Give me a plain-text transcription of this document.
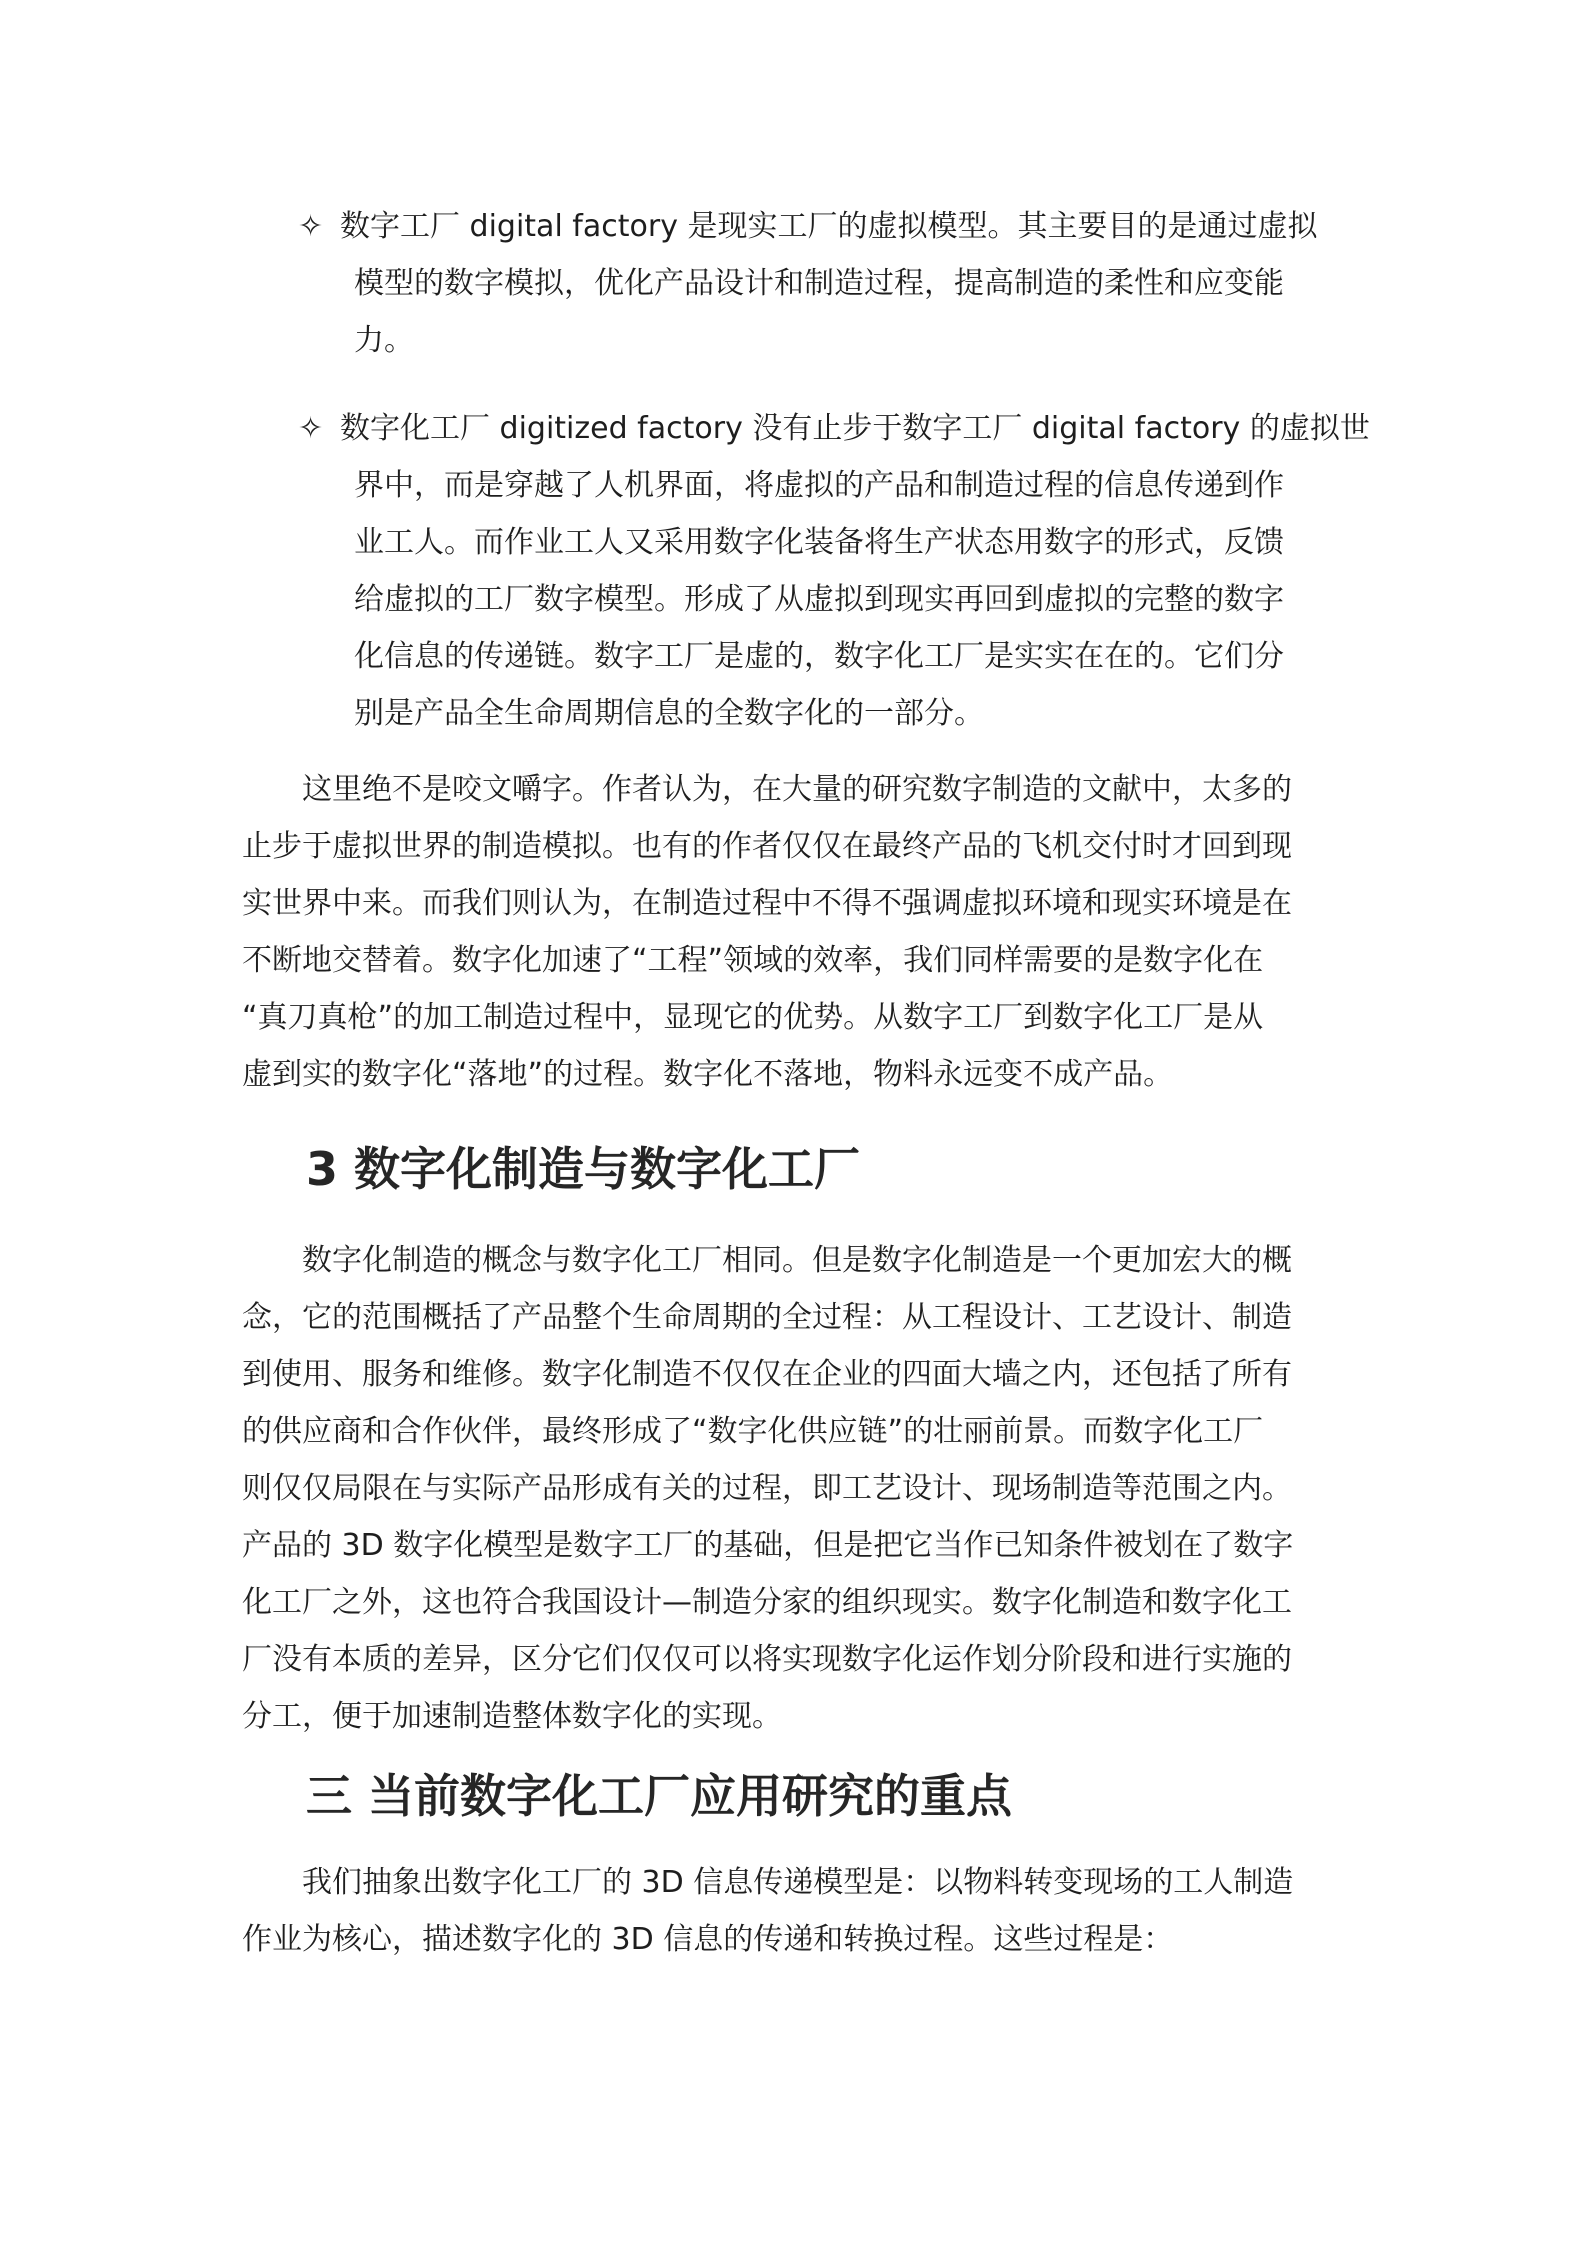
✧ 数字工厂 digital factory 是现实工厂的虚拟模型。其主要目的是通过虚拟
模型的数字模拟，优化产品设计和制造过程，提高制造的柔性和应变能
力。
✧ 数字化工厂 digitized factory 没有止步于数字工厂 digital factory 的虚拟世
界中，而是穿越了人机界面，将虚拟的产品和制造过程的信息传递到作
业工人。而作业工人又采用数字化装备将生产状态用数字的形式，反馈
给虚拟的工厂数字模型。形成了从虚拟到现实再回到虚拟的完整的数字
化信息的传递链。数字工厂是虚的，数字化工厂是实实在在的。它们分
别是产品全生命周期信息的全数字化的一部分。
这里绝不是咬文嚼字。作者认为，在大量的研究数字制造的文献中，太多的
止步于虚拟世界的制造模拟。也有的作者仅仅在最终产品的飞机交付时才回到现
实世界中来。而我们则认为，在制造过程中不得不强调虚拟环境和现实环境是在
不断地交替着。数字化加速了“工程”领域的效率，我们同样需要的是数字化在
“真刀真枪”的加工制造过程中，显现它的优势。从数字工厂到数字化工厂是从
虚到实的数字化“落地”的过程。数字化不落地，物料永远变不成产品。
3 数字化制造与数字化工厂
数字化制造的概念与数字化工厂相同。但是数字化制造是一个更加宏大的概
念，它的范围概括了产品整个生命周期的全过程：从工程设计、工艺设计、制造
到使用、服务和维修。数字化制造不仅仅在企业的四面大墙之内，还包括了所有
的供应商和合作伙伴，最终形成了“数字化供应链”的壮丽前景。而数字化工厂
则仅仅局限在与实际产品形成有关的过程，即工艺设计、现场制造等范围之内。
产品的 3D 数字化模型是数字工厂的基础，但是把它当作已知条件被划在了数字
化工厂之外，这也符合我国设计—制造分家的组织现实。数字化制造和数字化工
厂没有本质的差异，区分它们仅仅可以将实现数字化运作划分阶段和进行实施的
分工，便于加速制造整体数字化的实现。
三 当前数字化工厂应用研究的重点
我们抽象出数字化工厂的 3D 信息传递模型是：以物料转变现场的工人制造
作业为核心，描述数字化的 3D 信息的传递和转换过程。这些过程是：
